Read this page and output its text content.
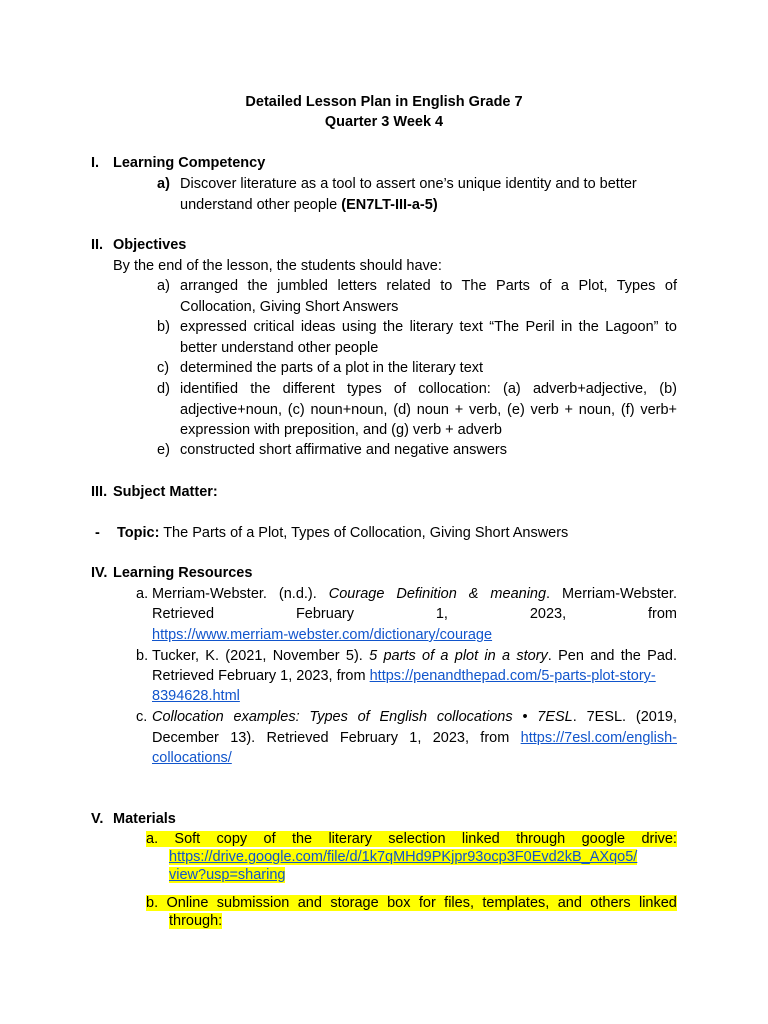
Detailed Lesson Plan in English Grade 7
Quarter 3 Week 4
I. Learning Competency
a) Discover literature as a tool to assert one’s unique identity and to better
understand other people (EN7LT-III-a-5)
II. Objectives
By the end of the lesson, the students should have:
a) arranged the jumbled letters related to The Parts of a Plot, Types of
Collocation, Giving Short Answers
b) expressed critical ideas using the literary text “The Peril in the Lagoon” to
better understand other people
c) determined the parts of a plot in the literary text
d) identified the different types of collocation: (a) adverb+adjective, (b)
adjective+noun, (c) noun+noun, (d) noun + verb, (e) verb + noun, (f) verb+
expression with preposition, and (g) verb + adverb
e) constructed short affirmative and negative answers
III. Subject Matter:
- Topic: The Parts of a Plot, Types of Collocation, Giving Short Answers
IV. Learning Resources
a. Merriam-Webster. (n.d.). Courage Definition & meaning. Merriam-Webster.
Retrieved	February	1,	2023,	from
https://www.merriam-webster.com/dictionary/courage
b. Tucker, K. (2021, November 5). 5 parts of a plot in a story. Pen and the Pad.
Retrieved February 1, 2023, from https://penandthepad.com/5-parts-plot-story-
8394628.html
c. Collocation examples: Types of English collocations • 7ESL. 7ESL. (2019,
December 13). Retrieved February 1, 2023, from https://7esl.com/english-
collocations/
V. Materials
a. Soft copy of the literary selection linked through google drive:
https://drive.google.com/file/d/1k7qMHd9PKjpr93ocp3F0Evd2kB_AXqo5/
view?usp=sharing
b. Online submission and storage box for files, templates, and others linked
through:
